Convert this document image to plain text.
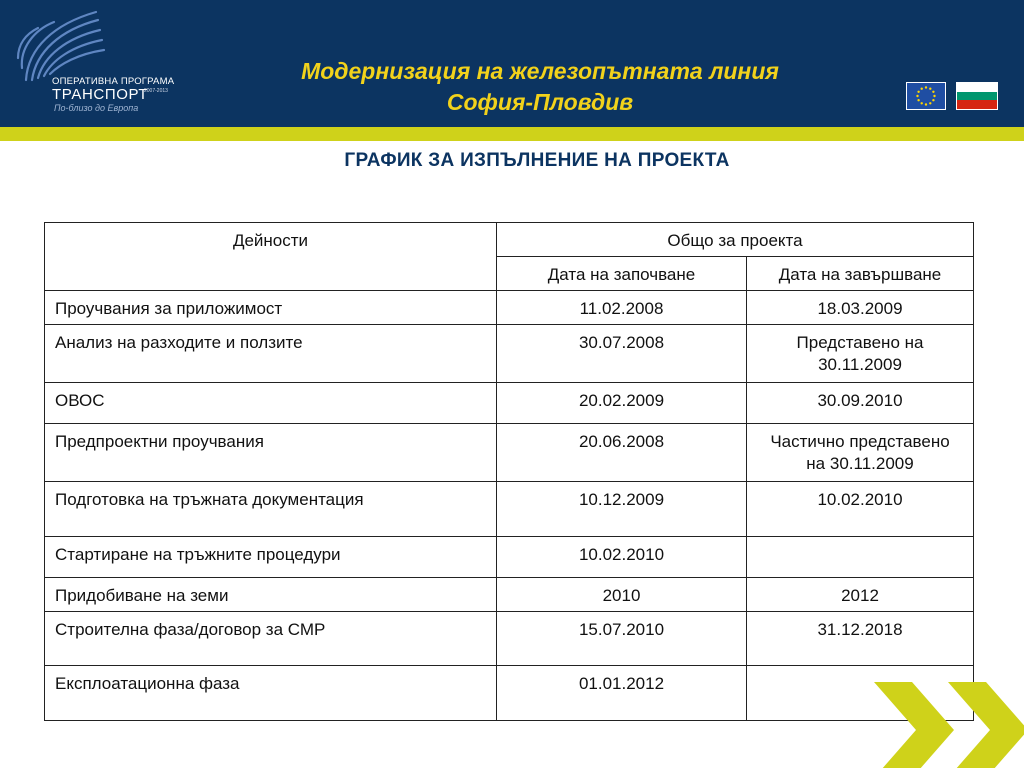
ОПЕРАТИВНА ПРОГРАМА
ТРАНСПОРТ
2007-2013
По-близо до Европа
Модернизация на железопътната линия
София-Пловдив
ГРАФИК ЗА ИЗПЪЛНЕНИЕ НА ПРОЕКТА
Дейности	Общо за проекта	
	Дата на започване	Дата на завършване
Проучвания за приложимост	11.02.2008	18.03.2009
Анализ на разходите и ползите	30.07.2008	Представено на
30.11.2009

ОВОС	20.02.2009	30.09.2010
Предпроектни проучвания	20.06.2008	Частично представено
на 30.11.2009

Подготовка на тръжната документация	10.12.2009	10.02.2010
Стартиране на тръжните процедури	10.02.2010	
Придобиване на земи	2010	2012
Строителна фаза/договор за СМР	15.07.2010	31.12.2018
Експлоатационна фаза	01.01.2012	
